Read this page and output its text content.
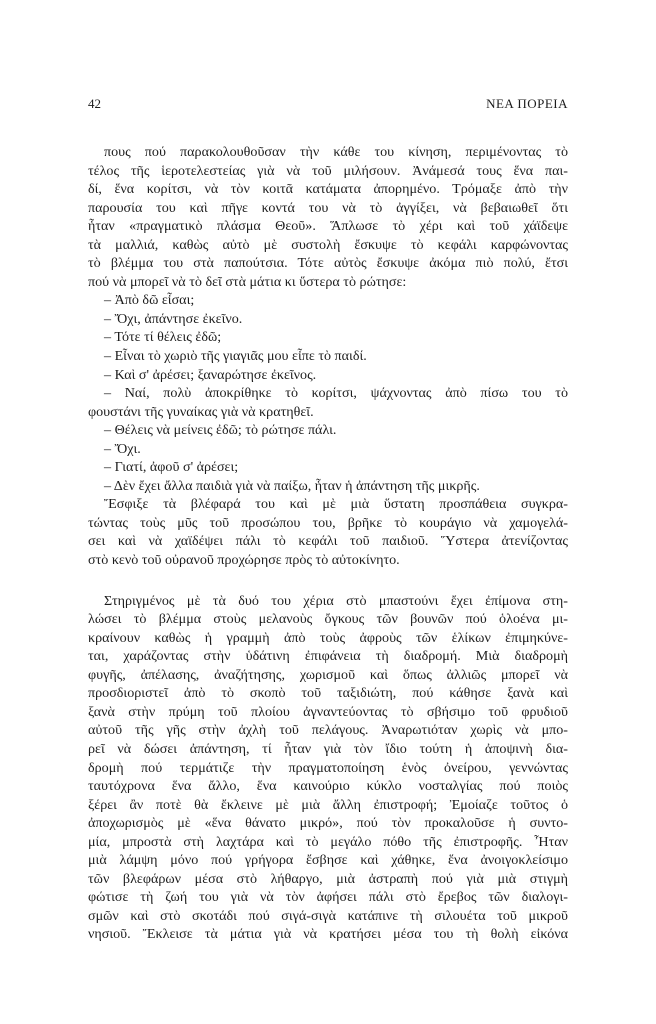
42	ΝΕΑ ΠΟΡΕΙΑ
πους πού παρακολουθοῦσαν τὴν κάθε του κίνηση, περιμένοντας τὸ
τέλος τῆς ἱεροτελεστείας γιὰ νὰ τοῦ μιλήσουν. Ἀνάμεσά τους ἕνα παι-
δί, ἕνα κορίτσι, νὰ τὸν κοιτᾶ κατάματα ἀπορημένο. Τρόμαξε ἀπὸ τὴν
παρουσία του καὶ πῆγε κοντά του νὰ τὸ ἀγγίξει, νὰ βεβαιωθεῖ ὅτι
ἦταν «πραγματικὸ πλάσμα Θεοῦ». Ἅπλωσε τὸ χέρι καὶ τοῦ χάϊδεψε
τὰ μαλλιά, καθὼς αὐτὸ μὲ συστολὴ ἔσκυψε τὸ κεφάλι καρφώνοντας
τὸ βλέμμα του στὰ παπούτσια. Τότε αὐτὸς ἔσκυψε ἀκόμα πιὸ πολύ, ἔτσι
πού νὰ μπορεῖ νὰ τὸ δεῖ στὰ μάτια κι ὕστερα τὸ ρώτησε:
– Ἀπὸ δῶ εἶσαι;
– Ὄχι, ἀπάντησε ἐκεῖνο.
– Τότε τί θέλεις ἐδῶ;
– Εἶναι τὸ χωριὸ τῆς γιαγιᾶς μου εἶπε τὸ παιδί.
– Καὶ σ' ἀρέσει; ξαναρώτησε ἐκεῖνος.
– Ναί, πολὺ ἀποκρίθηκε τὸ κορίτσι, ψάχνοντας ἀπὸ πίσω του τὸ
φουστάνι τῆς γυναίκας γιὰ νὰ κρατηθεῖ.
– Θέλεις νὰ μείνεις ἐδῶ; τὸ ρώτησε πάλι.
– Ὄχι.
– Γιατί, ἀφοῦ σ' ἀρέσει;
– Δὲν ἔχει ἄλλα παιδιὰ γιὰ νὰ παίξω, ἦταν ἡ ἀπάντηση τῆς μικρῆς.
Ἔσφιξε τὰ βλέφαρά του καὶ μὲ μιὰ ὕστατη προσπάθεια συγκρα-
τώντας τοὺς μῦς τοῦ προσώπου του, βρῆκε τὸ κουράγιο νὰ χαμογελά-
σει καὶ νὰ χαϊδέψει πάλι τὸ κεφάλι τοῦ παιδιοῦ. Ὕστερα ἀτενίζοντας
στὸ κενὸ τοῦ οὐρανοῦ προχώρησε πρὸς τὸ αὐτοκίνητο.
Στηριγμένος μὲ τὰ δυό του χέρια στὸ μπαστούνι ἔχει ἐπίμονα στη-
λώσει τὸ βλέμμα στοὺς μελανοὺς ὄγκους τῶν βουνῶν πού ὁλοένα μι-
κραίνουν καθὼς ἡ γραμμὴ ἀπὸ τοὺς ἀφροὺς τῶν ἑλίκων ἐπιμηκύνε-
ται, χαράζοντας στὴν ὑδάτινη ἐπιφάνεια τὴ διαδρομή. Μιὰ διαδρομὴ
φυγῆς, ἀπέλασης, ἀναζήτησης, χωρισμοῦ καὶ ὅπως ἀλλιῶς μπορεῖ νὰ
προσδιοριστεῖ ἀπὸ τὸ σκοπὸ τοῦ ταξιδιώτη, πού κάθησε ξανὰ καὶ
ξανὰ στὴν πρύμη τοῦ πλοίου ἀγναντεύοντας τὸ σβήσιμο τοῦ φρυδιοῦ
αὐτοῦ τῆς γῆς στὴν ἀχλὴ τοῦ πελάγους. Ἀναρωτιόταν χωρὶς νὰ μπο-
ρεῖ νὰ δώσει ἀπάντηση, τί ἦταν γιὰ τὸν ἴδιο τούτη ἡ ἀποψινὴ δια-
δρομὴ πού τερμάτιζε τὴν πραγματοποίηση ἑνὸς ὀνείρου, γεννώντας
ταυτόχρονα ἕνα ἄλλο, ἕνα καινούριο κύκλο νοσταλγίας πού ποιὸς
ξέρει ἂν ποτὲ θὰ ἔκλεινε μὲ μιὰ ἄλλη ἐπιστροφή; Ἐμοίαζε τοῦτος ὁ
ἀποχωρισμὸς μὲ «ἕνα θάνατο μικρό», πού τὸν προκαλοῦσε ἡ συντο-
μία, μπροστὰ στὴ λαχτάρα καὶ τὸ μεγάλο πόθο τῆς ἐπιστροφῆς. Ἦταν
μιὰ λάμψη μόνο πού γρήγορα ἔσβησε καὶ χάθηκε, ἕνα ἀνοιγοκλείσιμο
τῶν βλεφάρων μέσα στὸ λήθαργο, μιὰ ἀστραπὴ πού γιὰ μιὰ στιγμὴ
φώτισε τὴ ζωή του γιὰ νὰ τὸν ἀφήσει πάλι στὸ ἔρεβος τῶν διαλογι-
σμῶν καὶ στὸ σκοτάδι πού σιγά-σιγὰ κατάπινε τὴ σιλουέτα τοῦ μικροῦ
νησιοῦ. Ἔκλεισε τὰ μάτια γιὰ νὰ κρατήσει μέσα του τὴ θολὴ εἰκόνα
